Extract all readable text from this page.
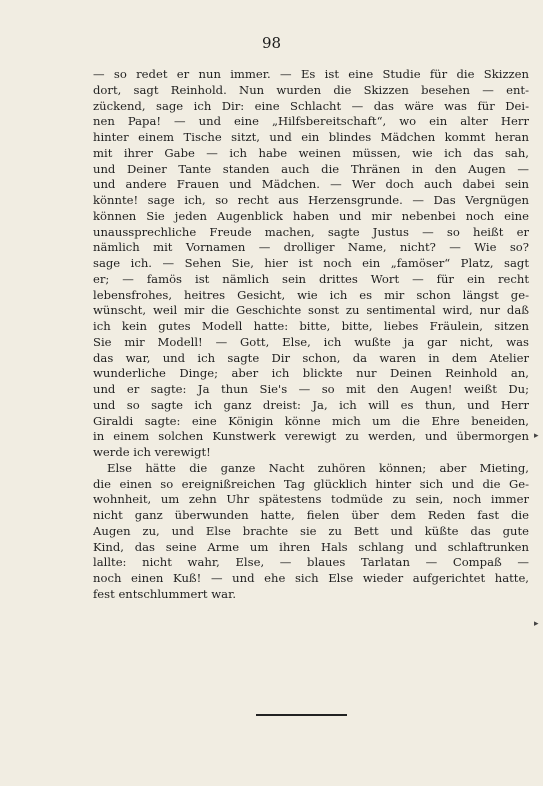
98
— so redet er nun immer. — Es ist eine Studie für die Skizzen
dort, sagt Reinhold. Nun wurden die Skizzen besehen — ent-
zückend, sage ich Dir: eine Schlacht — das wäre was für Dei-
nen Papa! — und eine „Hilfsbereitschaft“, wo ein alter Herr
hinter einem Tische sitzt, und ein blindes Mädchen kommt heran
mit ihrer Gabe — ich habe weinen müssen, wie ich das sah,
und Deiner Tante standen auch die Thränen in den Augen —
und andere Frauen und Mädchen. — Wer doch auch dabei sein
könnte! sage ich, so recht aus Herzensgrunde. — Das Vergnügen
können Sie jeden Augenblick haben und mir nebenbei noch eine
unaussprechliche Freude machen, sagte Justus — so heißt er
nämlich mit Vornamen — drolliger Name, nicht? — Wie so?
sage ich. — Sehen Sie, hier ist noch ein „famöser“ Platz, sagt
er; — famös ist nämlich sein drittes Wort — für ein recht
lebensfrohes, heitres Gesicht, wie ich es mir schon längst ge-
wünscht, weil mir die Geschichte sonst zu sentimental wird, nur daß
ich kein gutes Modell hatte: bitte, bitte, liebes Fräulein, sitzen
Sie mir Modell! — Gott, Else, ich wußte ja gar nicht, was
das war, und ich sagte Dir schon, da waren in dem Atelier
wunderliche Dinge; aber ich blickte nur Deinen Reinhold an,
und er sagte: Ja thun Sie's — so mit den Augen! weißt Du;
und so sagte ich ganz dreist: Ja, ich will es thun, und Herr
Giraldi sagte: eine Königin könne mich um die Ehre beneiden,
in einem solchen Kunstwerk verewigt zu werden, und übermorgen
werde ich verewigt!
Else hätte die ganze Nacht zuhören können; aber Mieting,
die einen so ereignißreichen Tag glücklich hinter sich und die Ge-
wohnheit, um zehn Uhr spätestens todmüde zu sein, noch immer
nicht ganz überwunden hatte, fielen über dem Reden fast die
Augen zu, und Else brachte sie zu Bett und küßte das gute
Kind, das seine Arme um ihren Hals schlang und schlaftrunken
lallte: nicht wahr, Else, — blaues Tarlatan — Compaß —
noch einen Kuß! — und ehe sich Else wieder aufgerichtet hatte,
fest entschlummert war.
▸
▸
